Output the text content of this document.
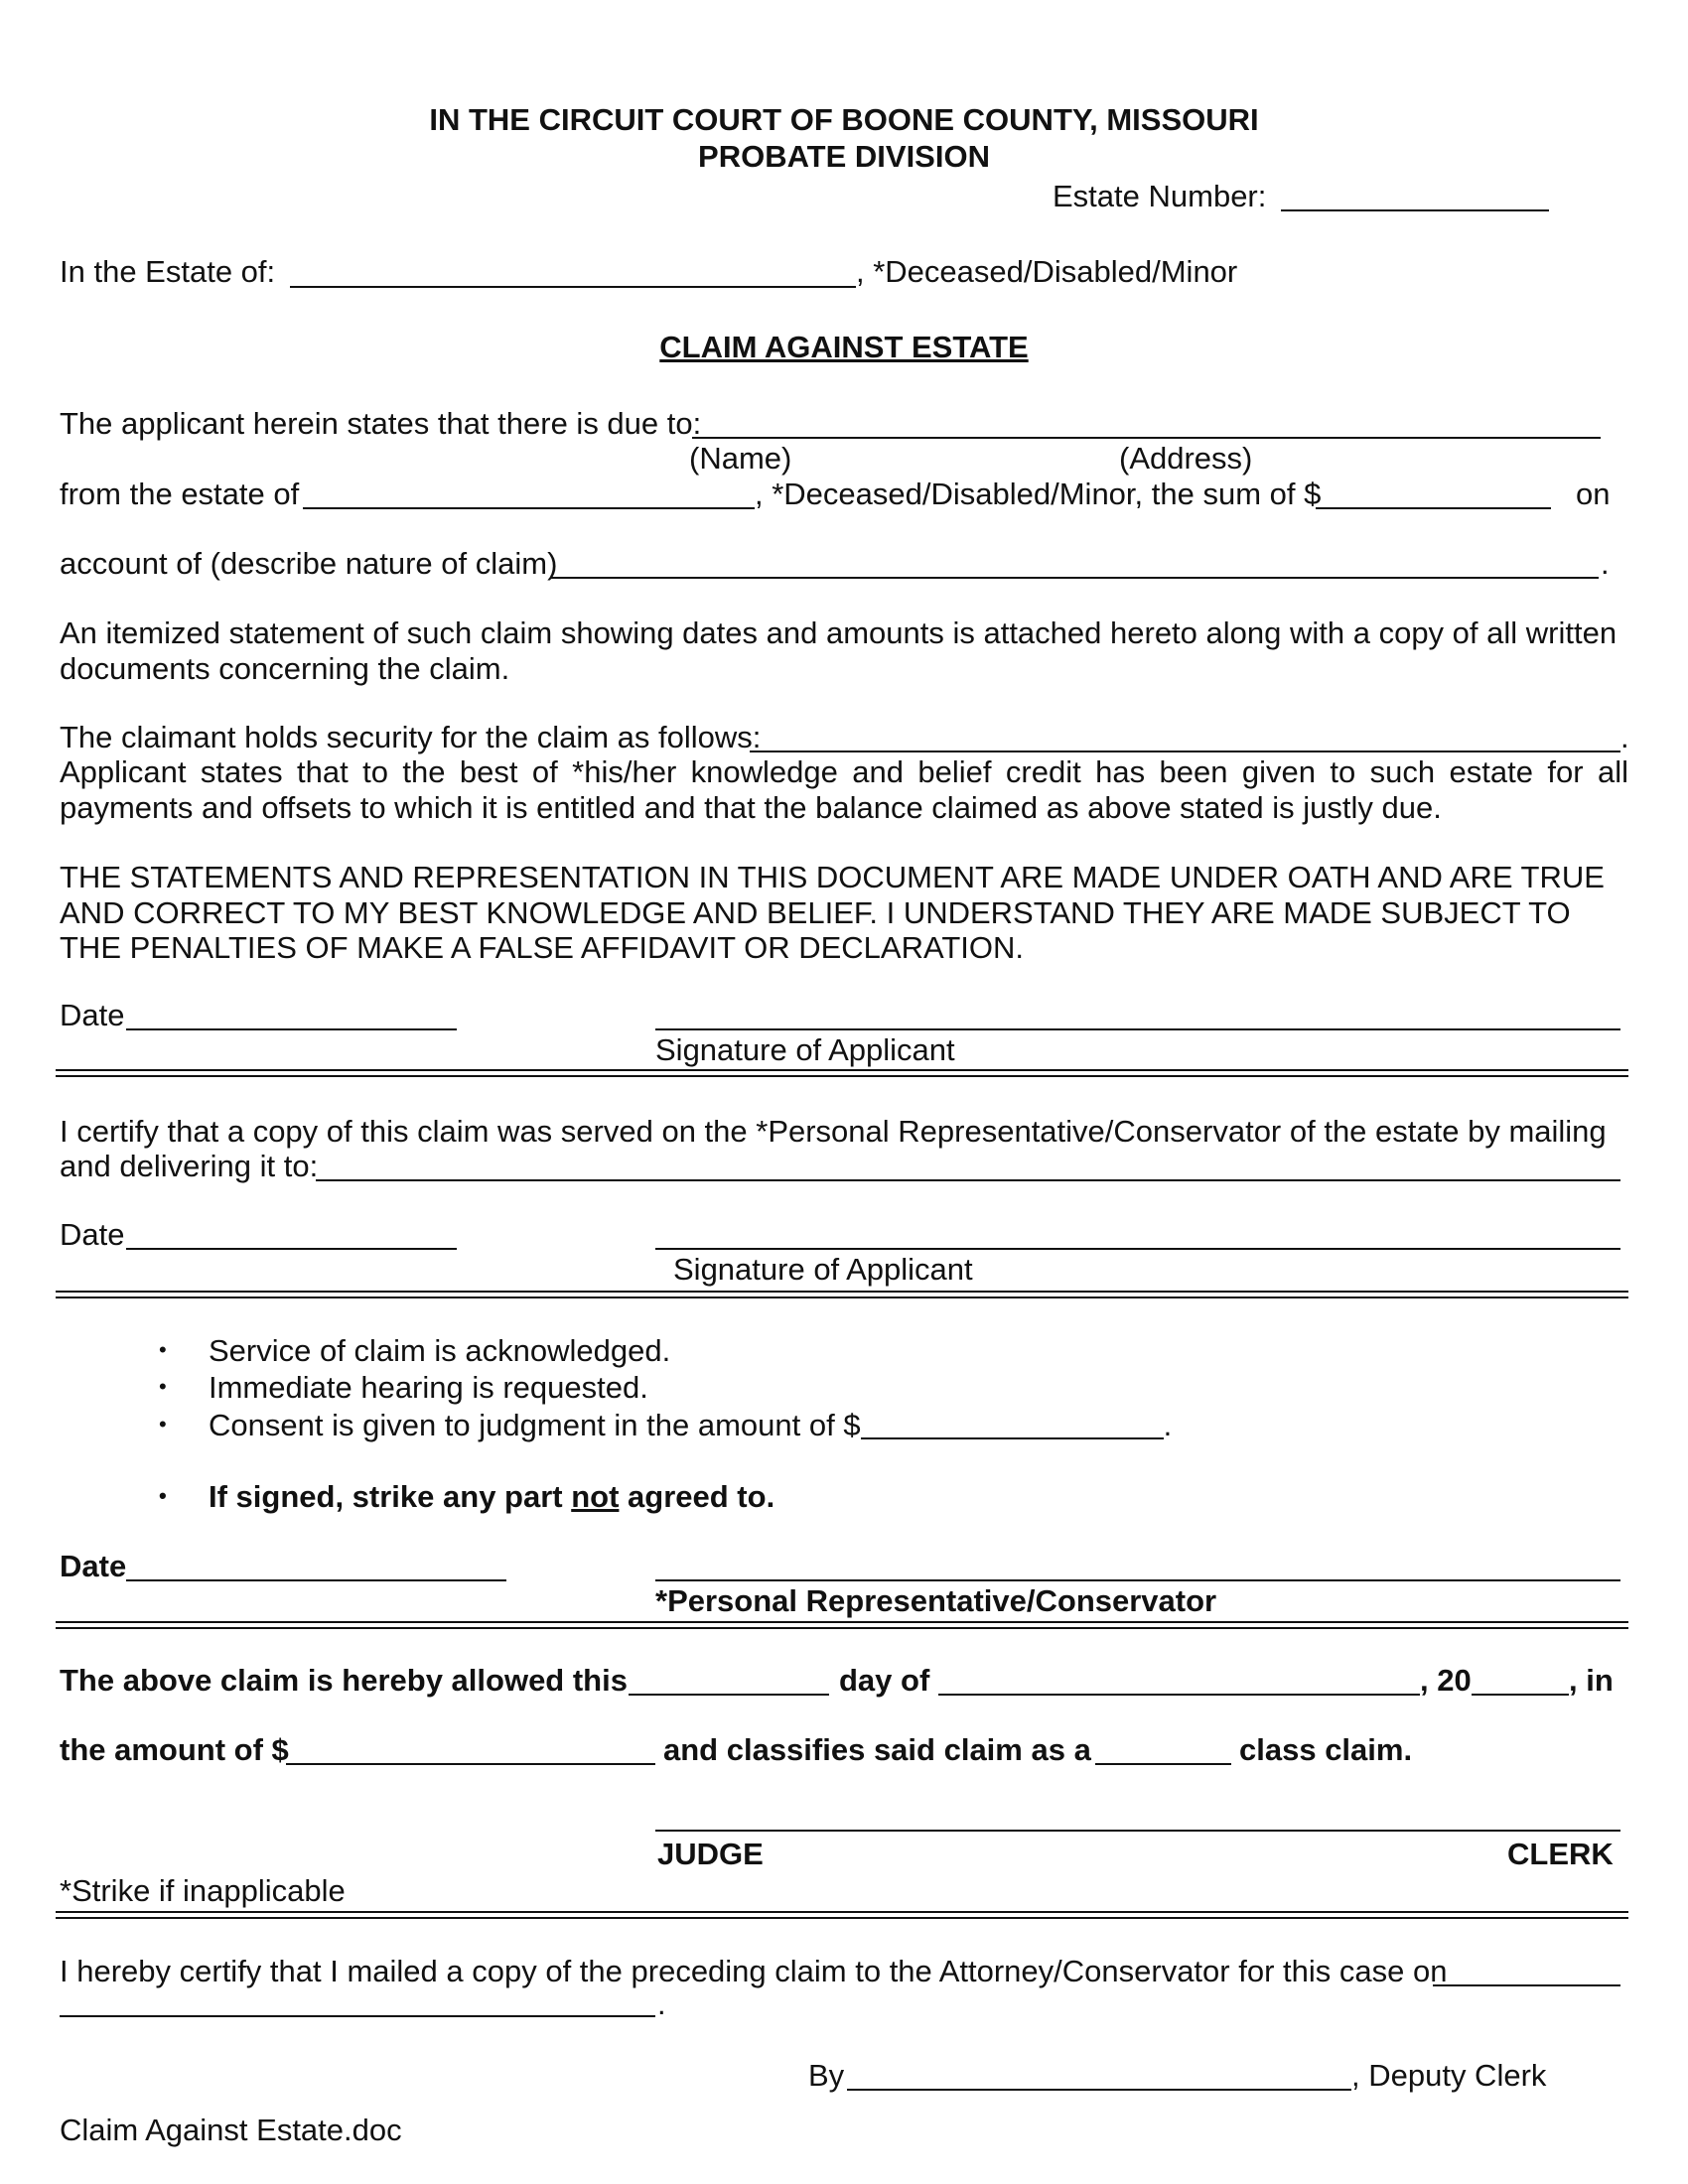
IN THE CIRCUIT COURT OF BOONE COUNTY, MISSOURI
PROBATE DIVISION
Estate Number:
In the Estate of:	, *Deceased/Disabled/Minor
CLAIM AGAINST ESTATE
The applicant herein states that there is due to:
(Name)	(Address)
from the estate of	, *Deceased/Disabled/Minor, the sum of $	on
account of (describe nature of claim)	.
An itemized statement of such claim showing dates and amounts is attached hereto along with a copy of all written documents concerning the claim.
The claimant holds security for the claim as follows:	.
Applicant states that to the best of *his/her knowledge and belief credit has been given to such estate for all payments and offsets to which it is entitled and that the balance claimed as above stated is justly due.
THE STATEMENTS AND REPRESENTATION IN THIS DOCUMENT ARE MADE UNDER OATH AND ARE TRUE AND CORRECT TO MY BEST KNOWLEDGE AND BELIEF. I UNDERSTAND THEY ARE MADE SUBJECT TO THE PENALTIES OF MAKE A FALSE AFFIDAVIT OR DECLARATION.
Date
Signature of Applicant
I certify that a copy of this claim was served on the *Personal Representative/Conservator of the estate by mailing
and delivering it to:
Date
Signature of Applicant
• Service of claim is acknowledged.
• Immediate hearing is requested.
• Consent is given to judgment in the amount of $	.
• If signed, strike any part not agreed to.
Date
*Personal Representative/Conservator
The above claim is hereby allowed this	day of	, 20	, in
the amount of $	and classifies said claim as a	class claim.
JUDGE	CLERK
*Strike if inapplicable
I hereby certify that I mailed a copy of the preceding claim to the Attorney/Conservator for this case on
.
By	, Deputy Clerk
Claim Against Estate.doc
